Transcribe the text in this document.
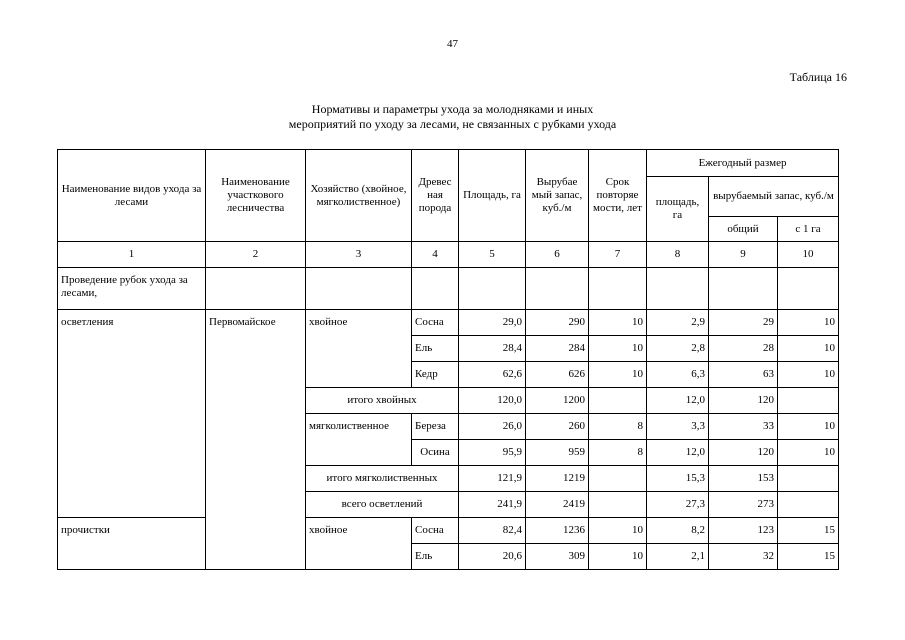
47
Таблица 16
Нормативы и параметры ухода за молодняками и иных
мероприятий по уходу за лесами, не связанных с рубками ухода
Наименование видов ухода за лесами	Наименование участкового лесничества	Хозяйство (хвойное, мягколиственное)	Древес ная порода	Площадь, га	Вырубае мый запас, куб./м	Срок повторяе мости, лет	Ежегодный размер		
							площадь, га	вырубаемый запас, куб./м	
								общий	с 1 га
1	2	3	4	5	6	7	8	9	10
Проведение рубок ухода за лесами,									
осветления	Первомайское	хвойное	Сосна	29,0	290	10	2,9	29	10
			Ель	28,4	284	10	2,8	28	10
			Кедр	62,6	626	10	6,3	63	10
		итого хвойных		120,0	1200		12,0	120	
		мягколиственное	Береза	26,0	260	8	3,3	33	10
			Осина	95,9	959	8	12,0	120	10
		итого мягколиственных		121,9	1219		15,3	153	
		всего осветлений		241,9	2419		27,3	273	
прочистки		хвойное	Сосна	82,4	1236	10	8,2	123	15
			Ель	20,6	309	10	2,1	32	15
